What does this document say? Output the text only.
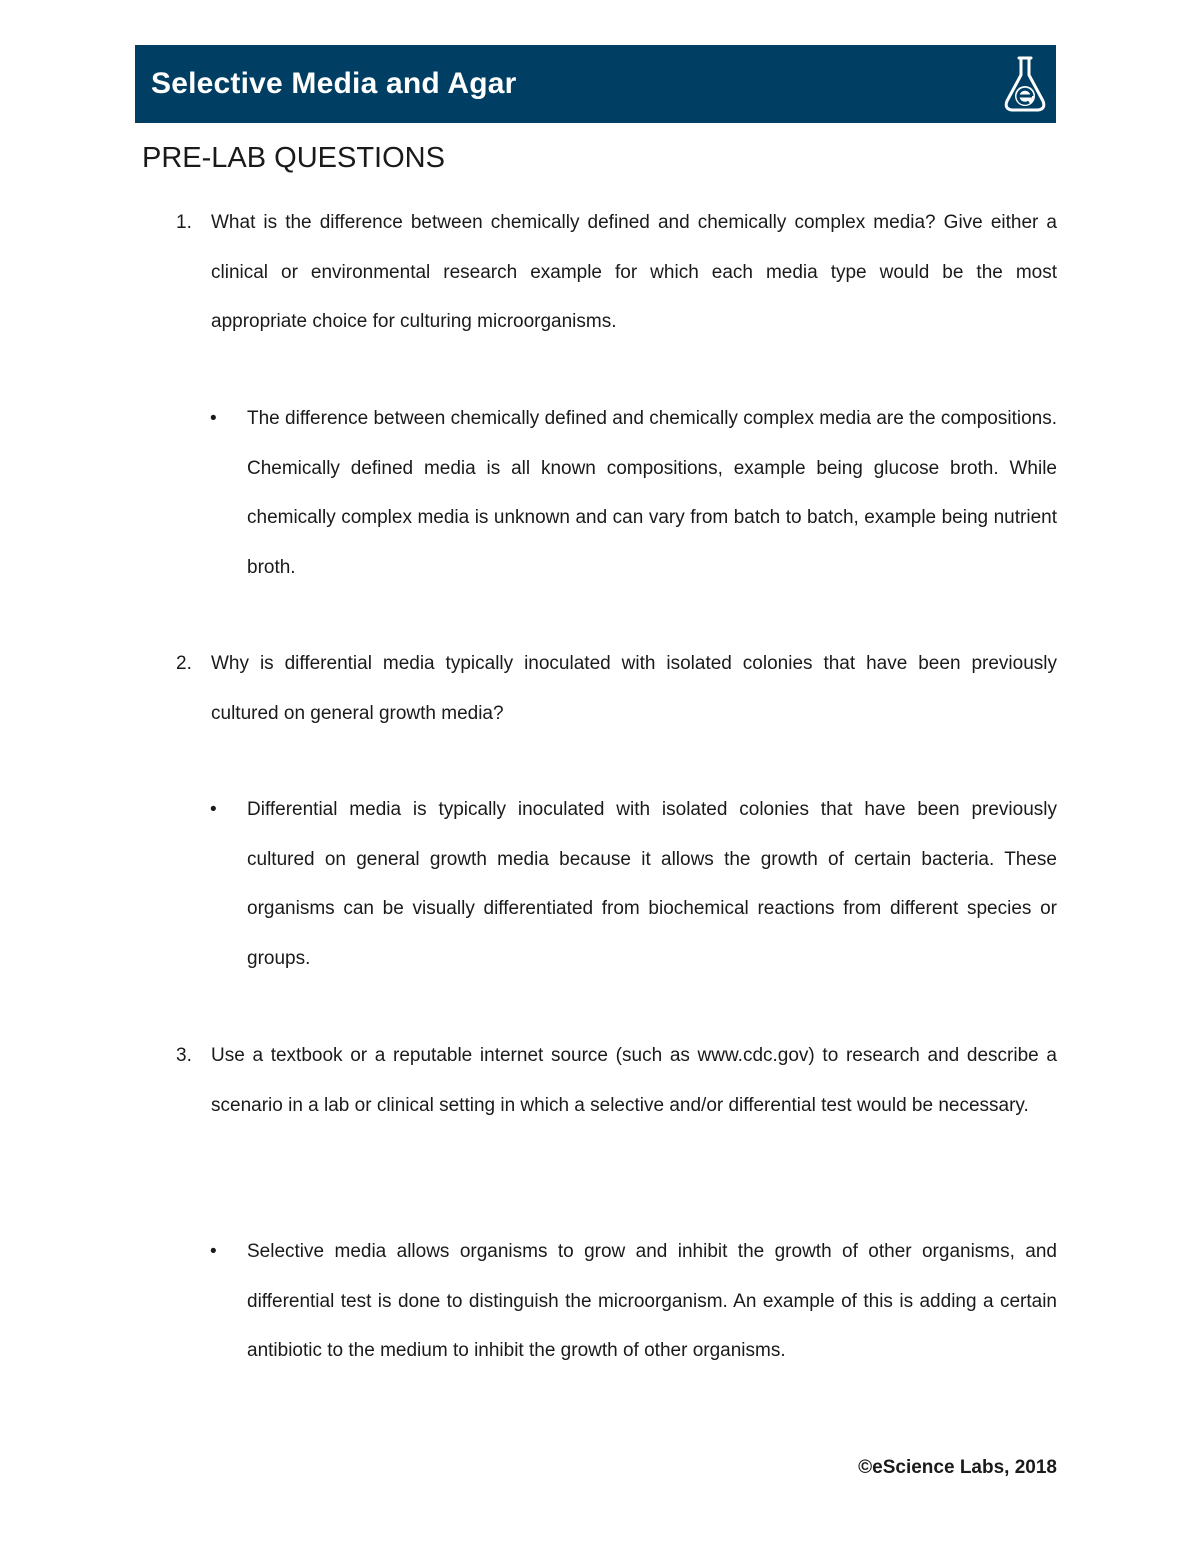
Selective Media and Agar
PRE-LAB QUESTIONS
1. What is the difference between chemically defined and chemically complex media? Give either a clinical or environmental research example for which each media type would be the most appropriate choice for culturing microorganisms.
• The difference between chemically defined and chemically complex media are the compositions. Chemically defined media is all known compositions, example being glucose broth. While chemically complex media is unknown and can vary from batch to batch, example being nutrient broth.
2. Why is differential media typically inoculated with isolated colonies that have been previously cultured on general growth media?
• Differential media is typically inoculated with isolated colonies that have been previously cultured on general growth media because it allows the growth of certain bacteria. These organisms can be visually differentiated from biochemical reactions from different species or groups.
3. Use a textbook or a reputable internet source (such as www.cdc.gov) to research and describe a scenario in a lab or clinical setting in which a selective and/or differential test would be necessary.
• Selective media allows organisms to grow and inhibit the growth of other organisms, and differential test is done to distinguish the microorganism. An example of this is adding a certain antibiotic to the medium to inhibit the growth of other organisms.
©eScience Labs, 2018
